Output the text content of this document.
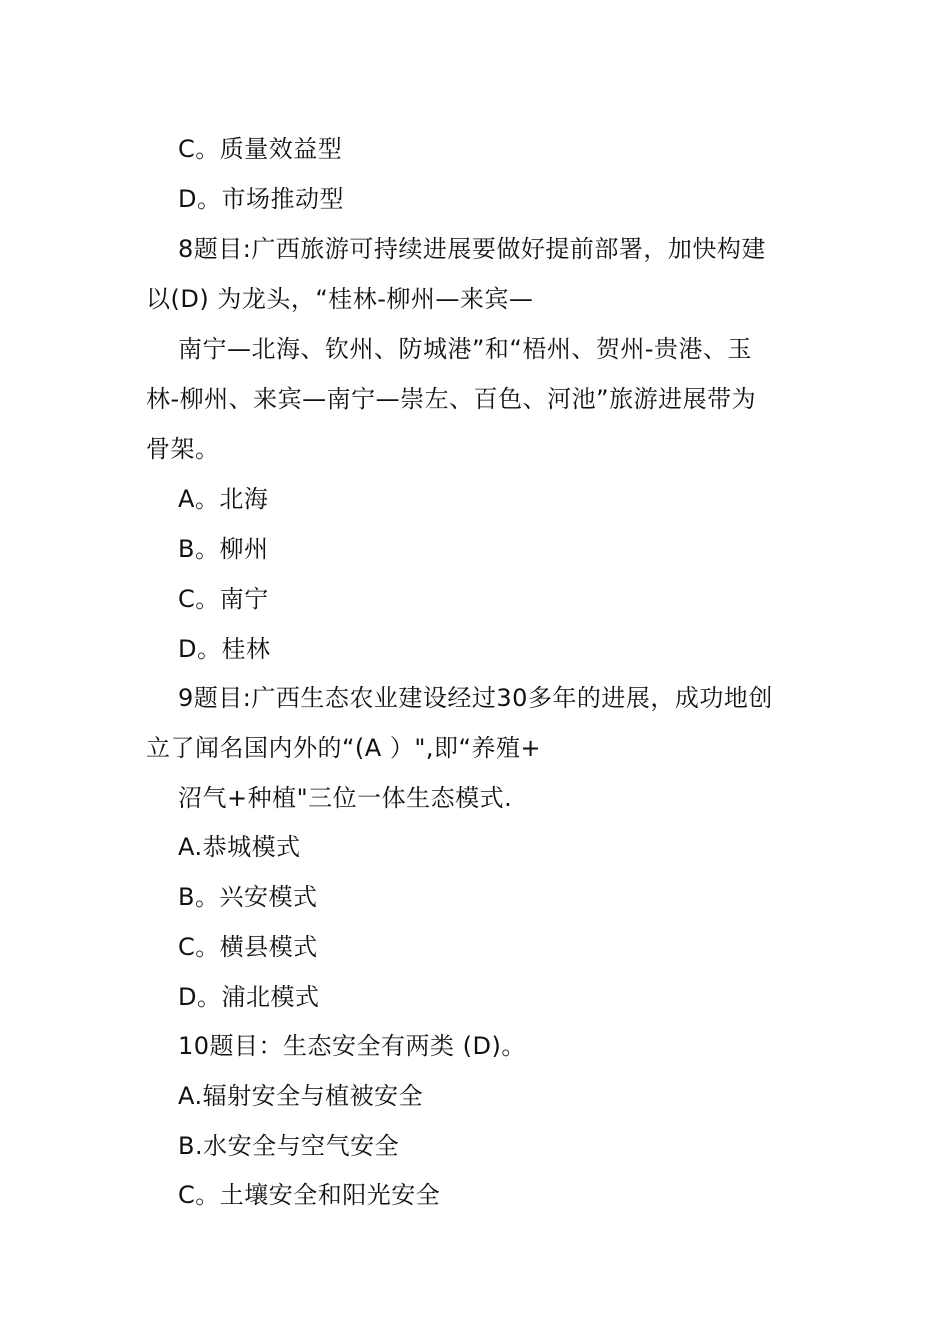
C。质量效益型
D。市场推动型
8题目:广西旅游可持续进展要做好提前部署，加快构建
以(D) 为龙头，“桂林-柳州—来宾—
南宁—北海、钦州、防城港”和“梧州、贺州-贵港、玉
林-柳州、来宾—南宁—崇左、百色、河池”旅游进展带为
骨架。
A。北海
B。柳州
C。南宁
D。桂林
9题目:广西生态农业建设经过30多年的进展，成功地创
立了闻名国内外的“(A ）",即“养殖+
沼气+种植"三位一体生态模式.
A.恭城模式
B。兴安模式
C。横县模式
D。浦北模式
10题目：生态安全有两类 (D)。
A.辐射安全与植被安全
B.水安全与空气安全
C。土壤安全和阳光安全
